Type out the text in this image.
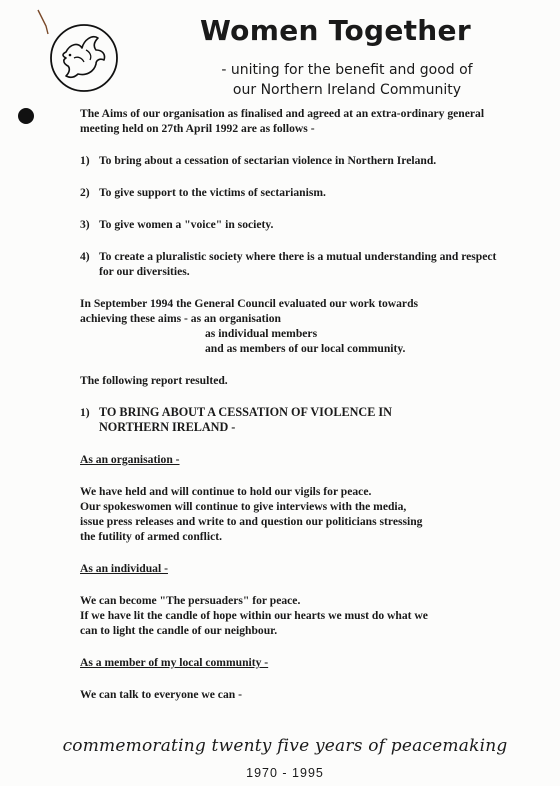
Women Together
- uniting for the benefit and good of
our Northern Ireland Community

The Aims of our organisation as finalised and agreed at an extra-ordinary general meeting held on 27th April 1992 are as follows -

1) To bring about a cessation of sectarian violence in Northern Ireland.
2) To give support to the victims of sectarianism.
3) To give women a "voice" in society.
4) To create a pluralistic society where there is a mutual understanding and respect for our diversities.

In September 1994 the General Council evaluated our work towards

achieving these aims - as an organisation

as individual members

and as members of our local community.

The following report resulted.

1) TO BRING ABOUT A CESSATION OF VIOLENCE IN
NORTHERN IRELAND -

As an organisation -

We have held and will continue to hold our vigils for peace.

Our spokeswomen will continue to give interviews with the media,

issue press releases and write to and question our politicians stressing

the futility of armed conflict.

As an individual -

We can become "The persuaders" for peace.

If we have lit the candle of hope within our hearts we must do what we

can to light the candle of our neighbour.

As a member of my local community -

We can talk to everyone we can -

commemorating twenty five years of peacemaking
1970 - 1995
